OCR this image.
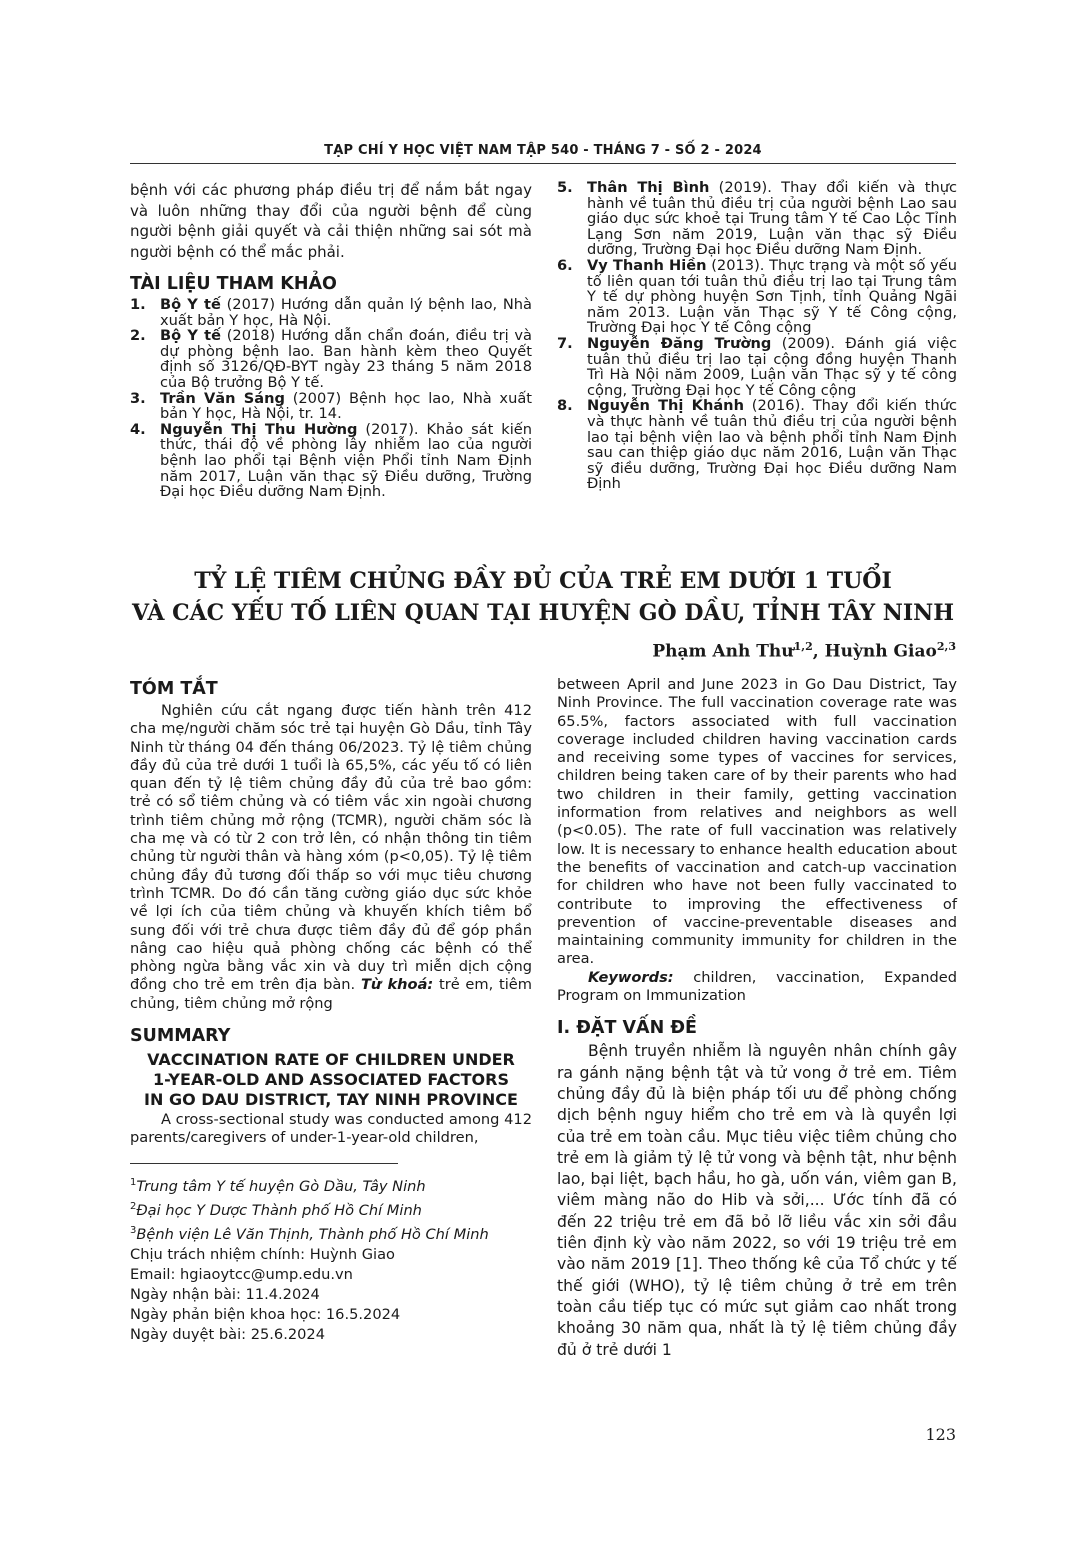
TẠP CHÍ Y HỌC VIỆT NAM TẬP 540 - THÁNG 7 - SỐ 2 - 2024

bệnh với các phương pháp điều trị để nắm bắt ngay và luôn những thay đổi của người bệnh để cùng người bệnh giải quyết và cải thiện những sai sót mà người bệnh có thể mắc phải.

TÀI LIỆU THAM KHẢO
1. Bộ Y tế (2017) Hướng dẫn quản lý bệnh lao, Nhà xuất bản Y học, Hà Nội.
2. Bộ Y tế (2018) Hướng dẫn chẩn đoán, điều trị và dự phòng bệnh lao. Ban hành kèm theo Quyết định số 3126/QĐ-BYT ngày 23 tháng 5 năm 2018 của Bộ trưởng Bộ Y tế.
3. Trần Văn Sáng (2007) Bệnh học lao, Nhà xuất bản Y học, Hà Nội, tr. 14.
4. Nguyễn Thị Thu Hường (2017). Khảo sát kiến thức, thái độ về phòng lây nhiễm lao của người bệnh lao phổi tại Bệnh viện Phổi tỉnh Nam Định năm 2017, Luận văn thạc sỹ Điều dưỡng, Trường Đại học Điều dưỡng Nam Định.
5. Thân Thị Bình (2019). Thay đổi kiến và thực hành về tuân thủ điều trị của người bệnh Lao sau giáo dục sức khoẻ tại Trung tâm Y tế Cao Lộc Tỉnh Lạng Sơn năm 2019, Luận văn thạc sỹ Điều dưỡng, Trường Đại học Điều dưỡng Nam Định.
6. Vy Thanh Hiền (2013). Thực trạng và một số yếu tố liên quan tới tuân thủ điều trị lao tại Trung tâm Y tế dự phòng huyện Sơn Tịnh, tỉnh Quảng Ngãi năm 2013. Luận văn Thạc sỹ Y tế Công cộng, Trường Đại học Y tế Công cộng
7. Nguyễn Đăng Trường (2009). Đánh giá việc tuân thủ điều trị lao tại cộng đồng huyện Thanh Trì Hà Nội năm 2009, Luận văn Thạc sỹ y tế công cộng, Trường Đại học Y tế Công cộng
8. Nguyễn Thị Khánh (2016). Thay đổi kiến thức và thực hành về tuân thủ điều trị của người bệnh lao tại bệnh viện lao và bệnh phổi tỉnh Nam Định sau can thiệp giáo dục năm 2016, Luận văn Thạc sỹ điều dưỡng, Trường Đại học Điều dưỡng Nam Định
TỶ LỆ TIÊM CHỦNG ĐẦY ĐỦ CỦA TRẺ EM DƯỚI 1 TUỔI
VÀ CÁC YẾU TỐ LIÊN QUAN TẠI HUYỆN GÒ DẦU, TỈNH TÂY NINH
Phạm Anh Thư$^{1,2}$, Huỳnh Giao$^{2,3}$
TÓM TẮT

Nghiên cứu cắt ngang được tiến hành trên 412 cha mẹ/người chăm sóc trẻ tại huyện Gò Dầu, tỉnh Tây Ninh từ tháng 04 đến tháng 06/2023. Tỷ lệ tiêm chủng đầy đủ của trẻ dưới 1 tuổi là 65,5%, các yếu tố có liên quan đến tỷ lệ tiêm chủng đầy đủ của trẻ bao gồm: trẻ có sổ tiêm chủng và có tiêm vắc xin ngoài chương trình tiêm chủng mở rộng (TCMR), người chăm sóc là cha mẹ và có từ 2 con trở lên, có nhận thông tin tiêm chủng từ người thân và hàng xóm (p<0,05). Tỷ lệ tiêm chủng đầy đủ tương đối thấp so với mục tiêu chương trình TCMR. Do đó cần tăng cường giáo dục sức khỏe về lợi ích của tiêm chủng và khuyến khích tiêm bổ sung đối với trẻ chưa được tiêm đầy đủ để góp phần nâng cao hiệu quả phòng chống các bệnh có thể phòng ngừa bằng vắc xin và duy trì miễn dịch cộng đồng cho trẻ em trên địa bàn. Từ khoá: trẻ em, tiêm chủng, tiêm chủng mở rộng

SUMMARY
VACCINATION RATE OF CHILDREN UNDER
1-YEAR-OLD AND ASSOCIATED FACTORS
IN GO DAU DISTRICT, TAY NINH PROVINCE

A cross-sectional study was conducted among 412 parents/caregivers of under-1-year-old children,

$^1$Trung tâm Y tế huyện Gò Dầu, Tây Ninh
$^2$Đại học Y Dược Thành phố Hồ Chí Minh
$^3$Bệnh viện Lê Văn Thịnh, Thành phố Hồ Chí Minh
Chịu trách nhiệm chính: Huỳnh Giao
Email: hgiaoytcc@ump.edu.vn
Ngày nhận bài: 11.4.2024
Ngày phản biện khoa học: 16.5.2024
Ngày duyệt bài: 25.6.2024

between April and June 2023 in Go Dau District, Tay Ninh Province. The full vaccination coverage rate was 65.5%, factors associated with full vaccination coverage included children having vaccination cards and receiving some types of vaccines for services, children being taken care of by their parents who had two children in their family, getting vaccination information from relatives and neighbors as well (p<0.05). The rate of full vaccination was relatively low. It is necessary to enhance health education about the benefits of vaccination and catch-up vaccination for children who have not been fully vaccinated to contribute to improving the effectiveness of prevention of vaccine-preventable diseases and maintaining community immunity for children in the area.

Keywords: children, vaccination, Expanded Program on Immunization

I. ĐẶT VẤN ĐỀ

Bệnh truyền nhiễm là nguyên nhân chính gây ra gánh nặng bệnh tật và tử vong ở trẻ em. Tiêm chủng đầy đủ là biện pháp tối ưu để phòng chống dịch bệnh nguy hiểm cho trẻ em và là quyền lợi của trẻ em toàn cầu. Mục tiêu việc tiêm chủng cho trẻ em là giảm tỷ lệ tử vong và bệnh tật, như bệnh lao, bại liệt, bạch hầu, ho gà, uốn ván, viêm gan B, viêm màng não do Hib và sởi,... Ước tính đã có đến 22 triệu trẻ em đã bỏ lỡ liều vắc xin sởi đầu tiên định kỳ vào năm 2022, so với 19 triệu trẻ em vào năm 2019 [1]. Theo thống kê của Tổ chức y tế thế giới (WHO), tỷ lệ tiêm chủng ở trẻ em trên toàn cầu tiếp tục có mức sụt giảm cao nhất trong khoảng 30 năm qua, nhất là tỷ lệ tiêm chủng đầy đủ ở trẻ dưới 1

123
